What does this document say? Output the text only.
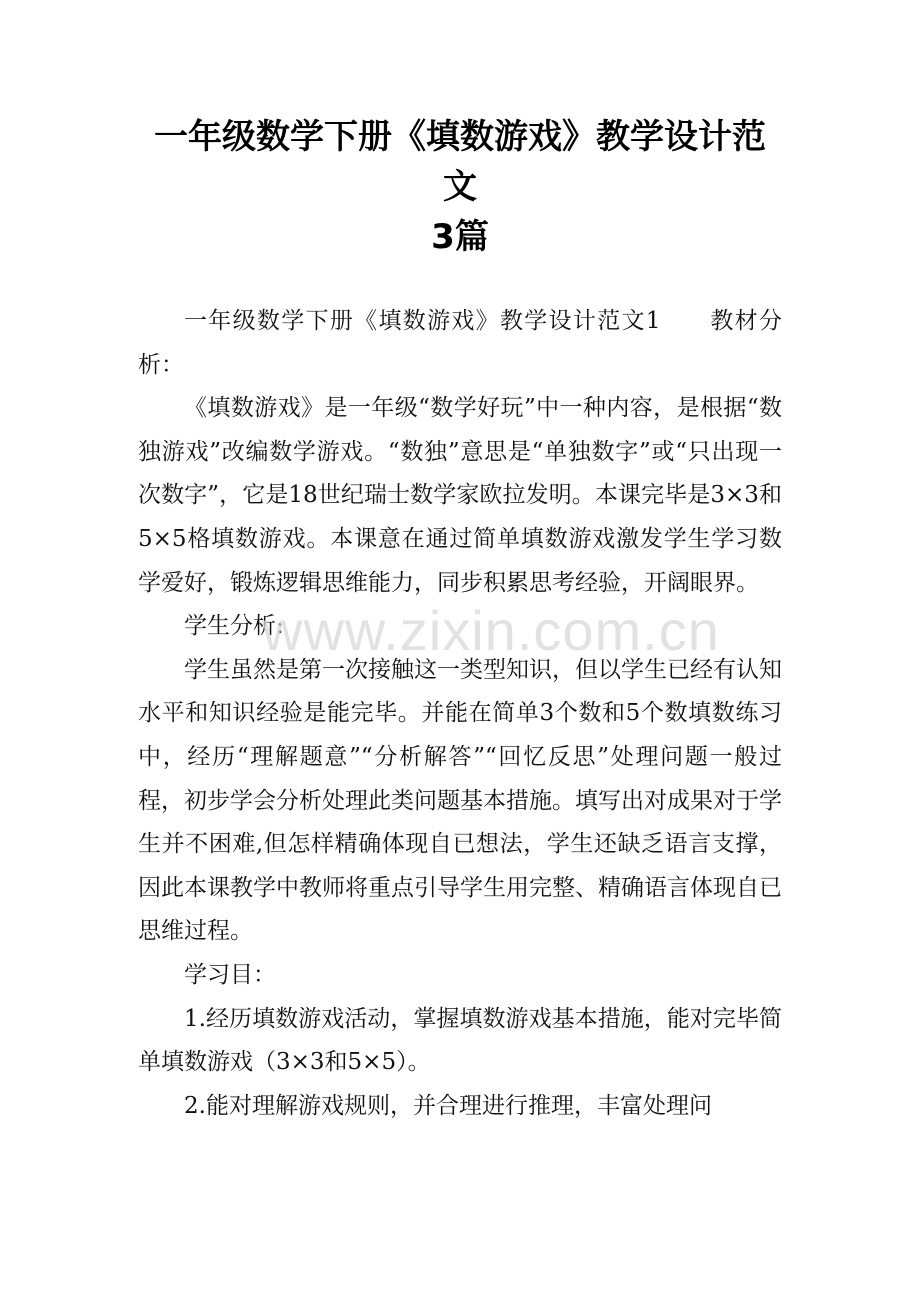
一年级数学下册《填数游戏》教学设计范文
3篇

一年级数学下册《填数游戏》教学设计范文1　　教材分析：

《填数游戏》是一年级“数学好玩”中一种内容，是根据“数独游戏”改编数学游戏。“数独”意思是“单独数字”或“只出现一次数字”，它是18世纪瑞士数学家欧拉发明。本课完毕是3×3和5×5格填数游戏。本课意在通过简单填数游戏激发学生学习数学爱好，锻炼逻辑思维能力，同步积累思考经验，开阔眼界。

学生分析:

学生虽然是第一次接触这一类型知识，但以学生已经有认知水平和知识经验是能完毕。并能在简单3个数和5个数填数练习中，经历“理解题意”“分析解答”“回忆反思”处理问题一般过程，初步学会分析处理此类问题基本措施。填写出对成果对于学生并不困难,但怎样精确体现自已想法，学生还缺乏语言支撑，因此本课教学中教师将重点引导学生用完整、精确语言体现自已思维过程。

学习目：

1.经历填数游戏活动，掌握填数游戏基本措施，能对完毕简单填数游戏（3×3和5×5）。

2.能对理解游戏规则，并合理进行推理，丰富处理问

www.zixin.com.cn
